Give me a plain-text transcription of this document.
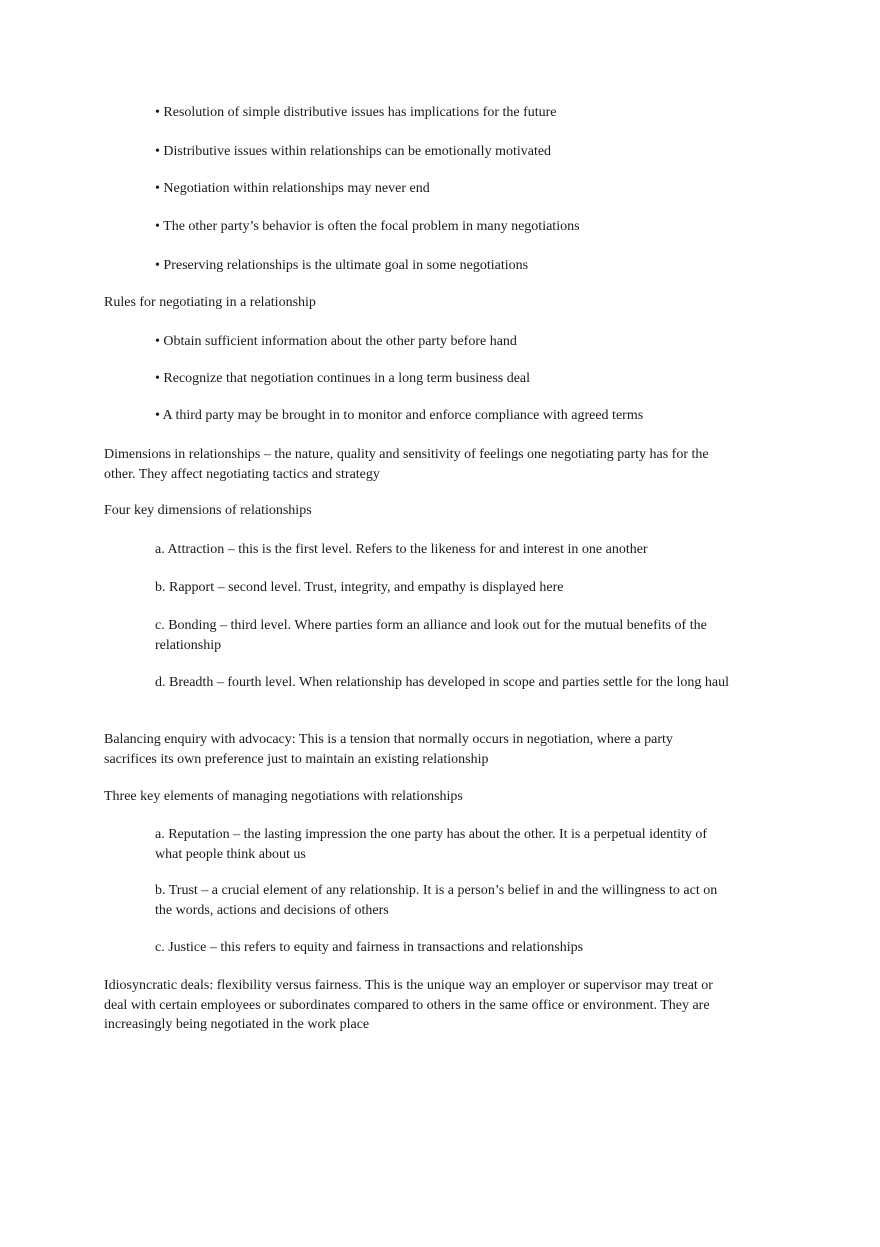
• Resolution of simple distributive issues has implications for the future
• Distributive issues within relationships can be emotionally motivated
• Negotiation within relationships may never end
• The other party’s behavior is often the focal problem in many negotiations
• Preserving relationships is the ultimate goal in some negotiations
Rules for negotiating in a relationship
• Obtain sufficient information about the other party before hand
• Recognize that negotiation continues in a long term business deal
• A third party may be brought in to monitor and enforce compliance with agreed terms
Dimensions in relationships – the nature, quality and sensitivity of feelings one negotiating party has for the other. They affect negotiating tactics and strategy
Four key dimensions of relationships
a. Attraction – this is the first level. Refers to the likeness for and interest in one another
b. Rapport – second level. Trust, integrity, and empathy is displayed here
c. Bonding – third level. Where parties form an alliance and look out for the mutual benefits of the relationship
d. Breadth – fourth level. When relationship has developed in scope and parties settle for the long haul
Balancing enquiry with advocacy: This is a tension that normally occurs in negotiation, where a party sacrifices its own preference just to maintain an existing relationship
Three key elements of managing negotiations with relationships
a. Reputation – the lasting impression the one party has about the other. It is a perpetual identity of what people think about us
b. Trust – a crucial element of any relationship. It is a person’s belief in and the willingness to act on the words, actions and decisions of others
c. Justice – this refers to equity and fairness in transactions and relationships
Idiosyncratic deals: flexibility versus fairness. This is the unique way an employer or supervisor may treat or deal with certain employees or subordinates compared to others in the same office or environment. They are increasingly being negotiated in the work place
